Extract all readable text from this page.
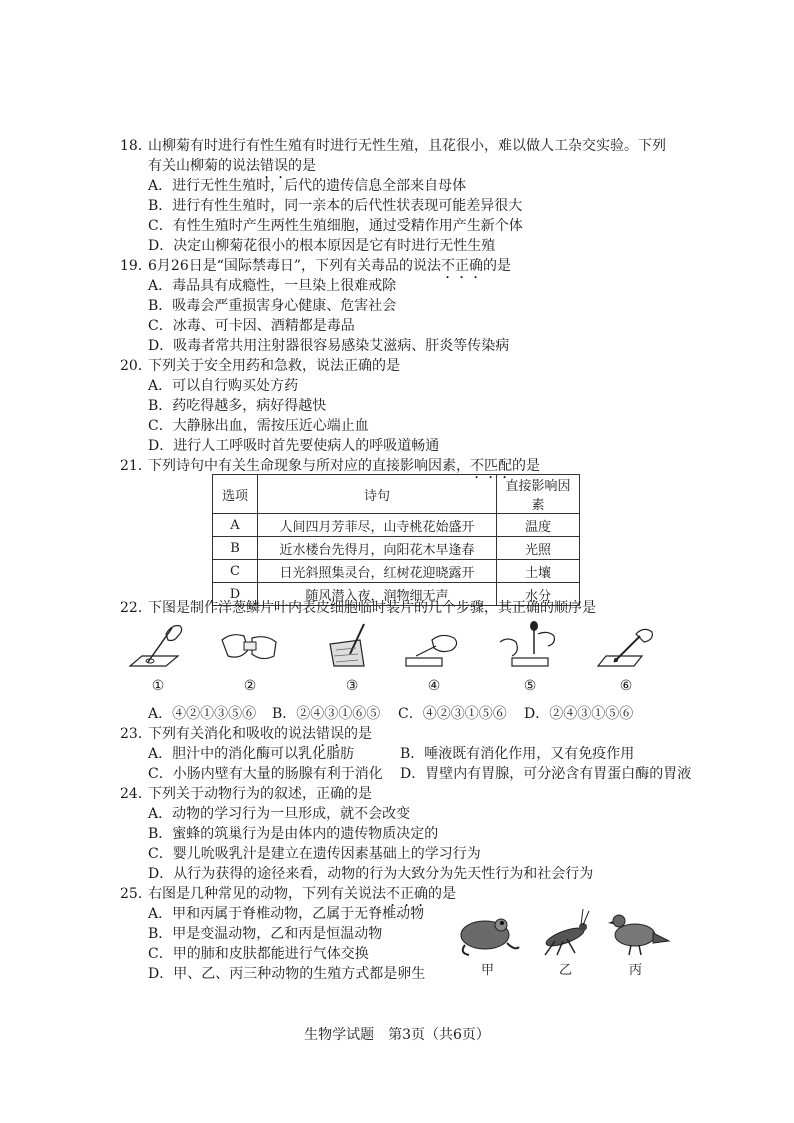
18．山柳菊有时进行有性生殖有时进行无性生殖，且花很小，难以做人工杂交实验。下列
有关山柳菊的说法错误的是
A．进行无性生殖时，后代的遗传信息全部来自母体
B．进行有性生殖时，同一亲本的后代性状表现可能差异很大
C．有性生殖时产生两性生殖细胞，通过受精作用产生新个体
D．决定山柳菊花很小的根本原因是它有时进行无性生殖
19．6月26日是“国际禁毒日”，下列有关毒品的说法不正确的是
A．毒品具有成瘾性，一旦染上很难戒除
B．吸毒会严重损害身心健康、危害社会
C．冰毒、可卡因、酒精都是毒品
D．吸毒者常共用注射器很容易感染艾滋病、肝炎等传染病
20．下列关于安全用药和急救，说法正确的是
A．可以自行购买处方药
B．药吃得越多，病好得越快
C．大静脉出血，需按压近心端止血
D．进行人工呼吸时首先要使病人的呼吸道畅通
21．下列诗句中有关生命现象与所对应的直接影响因素，不匹配的是
选项	诗句	直接影响因素
A	人间四月芳菲尽，山寺桃花始盛开	温度
B	近水楼台先得月，向阳花木早逢春	光照
C	日光斜照集灵台，红树花迎晓露开	土壤
D	随风潜入夜，润物细无声	水分
22．下图是制作洋葱鳞片叶内表皮细胞临时装片的几个步骤，其正确的顺序是
①	②	③	④	⑤	⑥
A．④②①③⑤⑥ B．②④③①⑥⑤ C．④②③①⑤⑥ D．②④③①⑤⑥
23．下列有关消化和吸收的说法错误的是
A．胆汁中的消化酶可以乳化脂肪	B．唾液既有消化作用，又有免疫作用
C．小肠内壁有大量的肠腺有利于消化 D．胃壁内有胃腺，可分泌含有胃蛋白酶的胃液
24．下列关于动物行为的叙述，正确的是
A．动物的学习行为一旦形成，就不会改变
B．蜜蜂的筑巢行为是由体内的遗传物质决定的
C．婴儿吮吸乳汁是建立在遗传因素基础上的学习行为
D．从行为获得的途径来看，动物的行为大致分为先天性行为和社会行为
25．右图是几种常见的动物，下列有关说法不正确的是
A．甲和丙属于脊椎动物，乙属于无脊椎动物
B．甲是变温动物，乙和丙是恒温动物
C．甲的肺和皮肤都能进行气体交换
D．甲、乙、丙三种动物的生殖方式都是卵生	甲	乙	丙
生物学试题　第3页（共6页）
